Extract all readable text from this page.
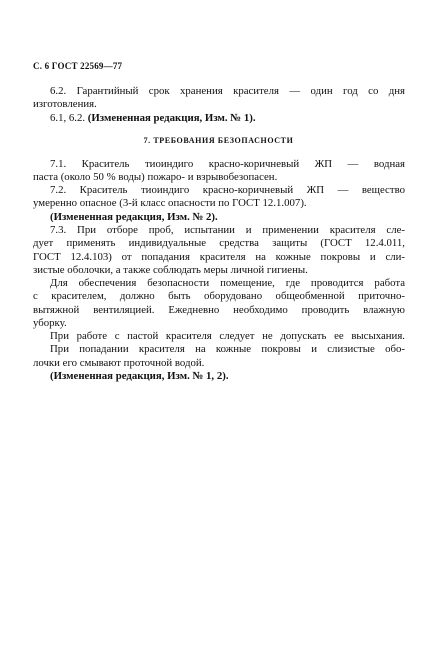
С. 6 ГОСТ 22569—77
6.2. Гарантийный срок хранения красителя — один год со дня
изготовления.

6.1, 6.2. (Измененная редакция, Изм. № 1).

7. ТРЕБОВАНИЯ БЕЗОПАСНОСТИ
7.1. Краситель тиоиндиго красно-коричневый ЖП — водная
паста (около 50 % воды) пожаро- и взрывобезопасен.
7.2. Краситель тиоиндиго красно-коричневый ЖП — вещество
умеренно опасное (3-й класс опасности по ГОСТ 12.1.007).
(Измененная редакция, Изм. № 2).
7.3. При отборе проб, испытании и применении красителя сле-
дует применять индивидуальные средства защиты (ГОСТ 12.4.011,
ГОСТ 12.4.103) от попадания красителя на кожные покровы и сли-
зистые оболочки, а также соблюдать меры личной гигиены.
Для обеспечения безопасности помещение, где проводится работа
с красителем, должно быть оборудовано общеобменной приточно-
вытяжной вентиляцией. Ежедневно необходимо проводить влажную
уборку.
При работе с пастой красителя следует не допускать ее высыхания.
При попадании красителя на кожные покровы и слизистые обо-
лочки его смывают проточной водой.
(Измененная редакция, Изм. № 1, 2).
